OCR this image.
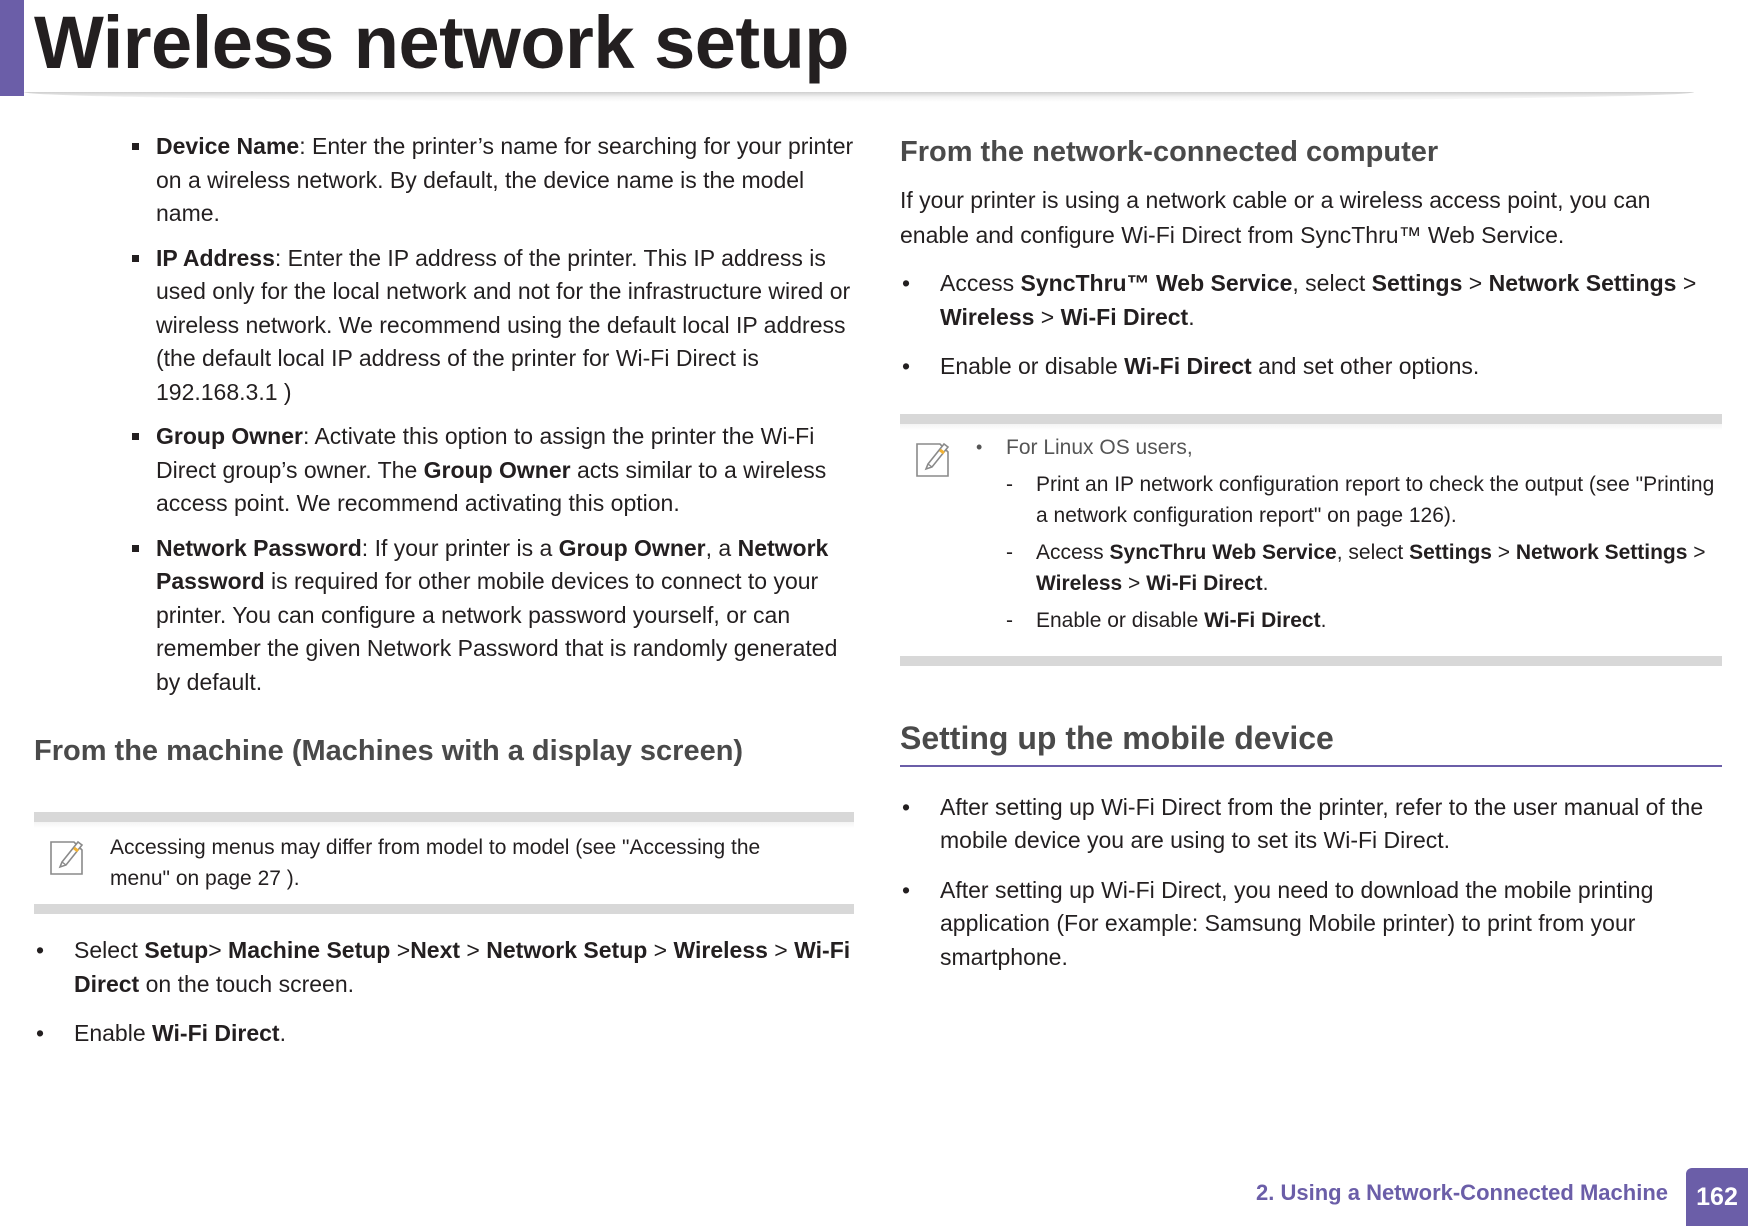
Wireless network setup
Device Name: Enter the printer’s name for searching for your printer on a wireless network. By default, the device name is the model name.
IP Address: Enter the IP address of the printer. This IP address is used only for the local network and not for the infrastructure wired or wireless network. We recommend using the default local IP address (the default local IP address of the printer for Wi-Fi Direct is 192.168.3.1 )
Group Owner: Activate this option to assign the printer the Wi-Fi Direct group’s owner. The Group Owner acts similar to a wireless access point. We recommend activating this option.
Network Password: If your printer is a Group Owner, a Network Password is required for other mobile devices to connect to your printer. You can configure a network password yourself, or can remember the given Network Password that is randomly generated by default.
From the machine (Machines with a display screen)
Accessing menus may differ from model to model (see "Accessing the menu" on page 27 ).
• Select Setup> Machine Setup >Next > Network Setup > Wireless > Wi-Fi Direct on the touch screen.
• Enable Wi-Fi Direct.
From the network-connected computer

If your printer is using a network cable or a wireless access point, you can enable and configure Wi-Fi Direct from SyncThru™ Web Service.

• Access SyncThru™ Web Service, select Settings > Network Settings > Wireless > Wi-Fi Direct.
• Enable or disable Wi-Fi Direct and set other options.
• For Linux OS users,
- Print an IP network configuration report to check the output (see "Printing a network configuration report" on page 126).
- Access SyncThru Web Service, select Settings > Network Settings > Wireless > Wi-Fi Direct.
- Enable or disable Wi-Fi Direct.
Setting up the mobile device
• After setting up Wi-Fi Direct from the printer, refer to the user manual of the mobile device you are using to set its Wi-Fi Direct.
• After setting up Wi-Fi Direct, you need to download the mobile printing application (For example: Samsung Mobile printer) to print from your smartphone.
2. Using a Network-Connected Machine	162
